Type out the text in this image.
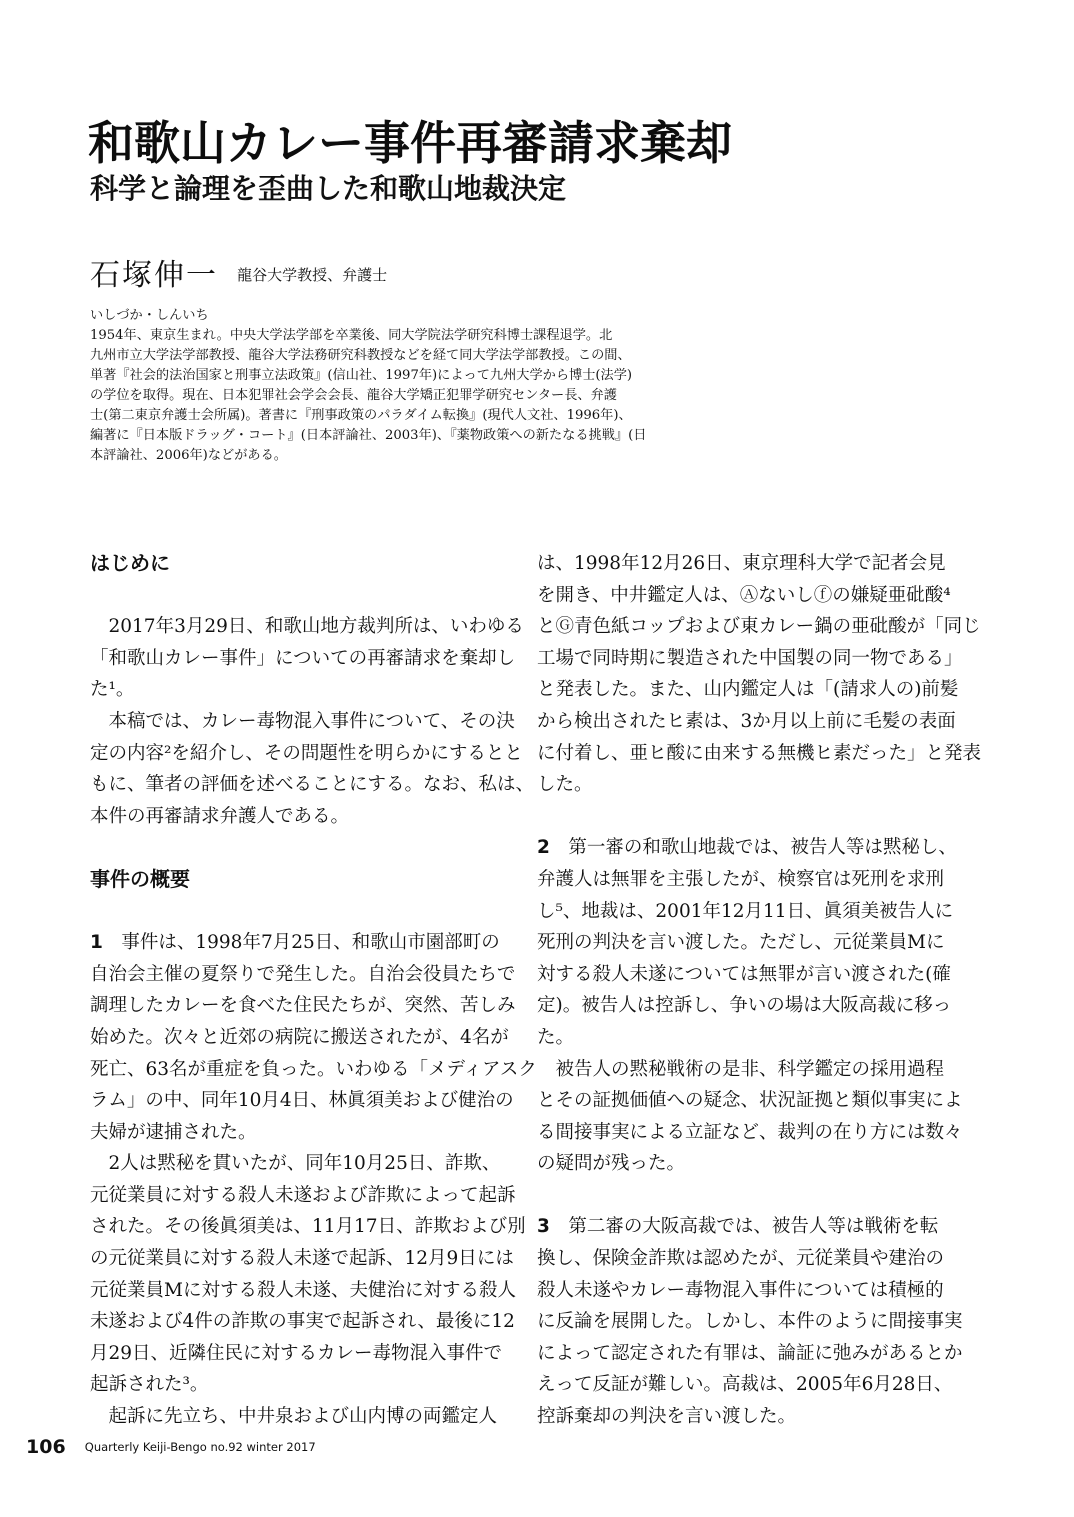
和歌山カレー事件再審請求棄却
科学と論理を歪曲した和歌山地裁決定
石塚伸一 龍谷大学教授、弁護士

いしづか・しんいち

1954年、東京生まれ。中央大学法学部を卒業後、同大学院法学研究科博士課程退学。北

九州市立大学法学部教授、龍谷大学法務研究科教授などを経て同大学法学部教授。この間、

単著『社会的法治国家と刑事立法政策』(信山社、1997年)によって九州大学から博士(法学)

の学位を取得。現在、日本犯罪社会学会会長、龍谷大学矯正犯罪学研究センター長、弁護

士(第二東京弁護士会所属)。著書に『刑事政策のパラダイム転換』(現代人文社、1996年)、

編著に『日本版ドラッグ・コート』(日本評論社、2003年)、『薬物政策への新たなる挑戦』(日

本評論社、2006年)などがある。

はじめに
　2017年3月29日、和歌山地方裁判所は、いわゆる
「和歌山カレー事件」についての再審請求を棄却し
た¹。
　本稿では、カレー毒物混入事件について、その決
定の内容²を紹介し、その問題性を明らかにするとと
もに、筆者の評価を述べることにする。なお、私は、
本件の再審請求弁護人である。
事件の概要
1　事件は、1998年7月25日、和歌山市園部町の
自治会主催の夏祭りで発生した。自治会役員たちで
調理したカレーを食べた住民たちが、突然、苦しみ
始めた。次々と近郊の病院に搬送されたが、4名が
死亡、63名が重症を負った。いわゆる「メディアスク
ラム」の中、同年10月4日、林眞須美および健治の
夫婦が逮捕された。
　2人は黙秘を貫いたが、同年10月25日、詐欺、
元従業員に対する殺人未遂および詐欺によって起訴
された。その後眞須美は、11月17日、詐欺および別
の元従業員に対する殺人未遂で起訴、12月9日には
元従業員Mに対する殺人未遂、夫健治に対する殺人
未遂および4件の詐欺の事実で起訴され、最後に12
月29日、近隣住民に対するカレー毒物混入事件で
起訴された³。
　起訴に先立ち、中井泉および山内博の両鑑定人
は、1998年12月26日、東京理科大学で記者会見
を開き、中井鑑定人は、Ⓐないしⓕの嫌疑亜砒酸⁴
とⒼ青色紙コップおよび東カレー鍋の亜砒酸が「同じ
工場で同時期に製造された中国製の同一物である」
と発表した。また、山内鑑定人は「(請求人の)前髪
から検出されたヒ素は、3か月以上前に毛髪の表面
に付着し、亜ヒ酸に由来する無機ヒ素だった」と発表
した。
2　第一審の和歌山地裁では、被告人等は黙秘し、
弁護人は無罪を主張したが、検察官は死刑を求刑
し⁵、地裁は、2001年12月11日、眞須美被告人に
死刑の判決を言い渡した。ただし、元従業員Mに
対する殺人未遂については無罪が言い渡された(確
定)。被告人は控訴し、争いの場は大阪高裁に移っ
た。
　被告人の黙秘戦術の是非、科学鑑定の採用過程
とその証拠価値への疑念、状況証拠と類似事実によ
る間接事実による立証など、裁判の在り方には数々
の疑問が残った。
3　第二審の大阪高裁では、被告人等は戦術を転
換し、保険金詐欺は認めたが、元従業員や建治の
殺人未遂やカレー毒物混入事件については積極的
に反論を展開した。しかし、本件のように間接事実
によって認定された有罪は、論証に弛みがあるとか
えって反証が難しい。高裁は、2005年6月28日、
控訴棄却の判決を言い渡した。
106 Quarterly Keiji-Bengo no.92 winter 2017
